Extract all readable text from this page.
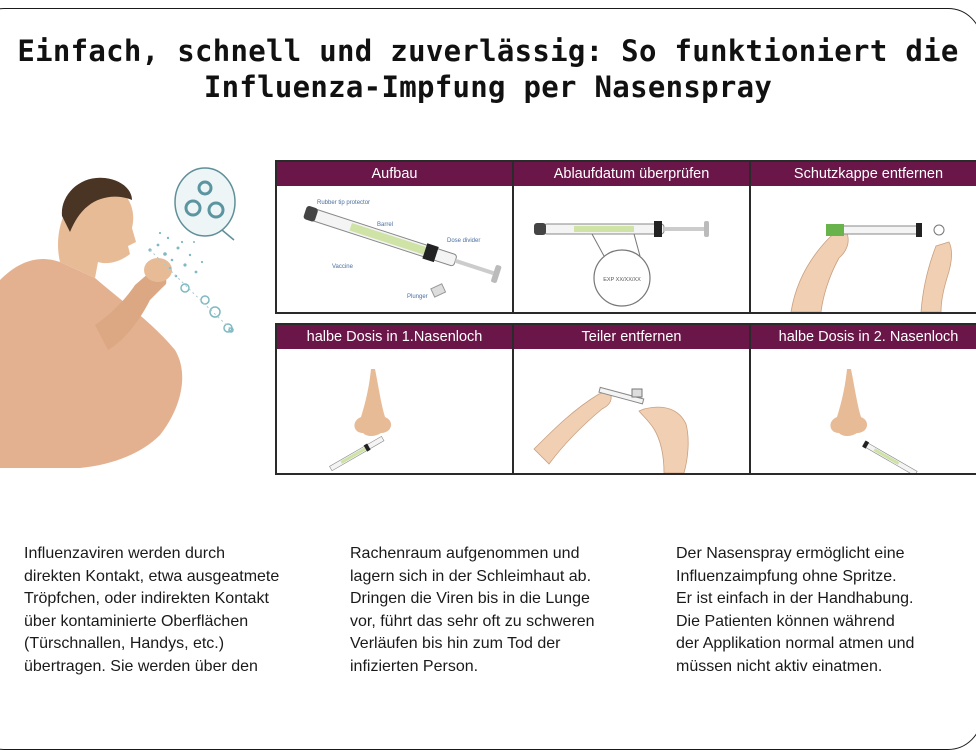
Einfach, schnell und zuverlässig: So funktioniert die
Influenza-Impfung per Nasenspray
Aufbau
Rubber tip protector
Barrel
Vaccine
Dose divider
Plunger
Ablaufdatum überprüfen
EXP XX/XX/XX
Schutzkappe entfernen
halbe Dosis in 1.Nasenloch	Teiler entfernen	halbe Dosis in 2. Nasenloch

Influenzaviren werden durch
direkten Kontakt, etwa ausgeatmete
Tröpfchen, oder indirekten Kontakt
über kontaminierte Oberflächen
(Türschnallen, Handys, etc.)
übertragen. Sie werden über den

Rachenraum aufgenommen und
lagern sich in der Schleimhaut ab.
Dringen die Viren bis in die Lunge
vor, führt das sehr oft zu schweren
Verläufen bis hin zum Tod der
infizierten Person.

Der Nasenspray ermöglicht eine
Influenzaimpfung ohne Spritze.
Er ist einfach in der Handhabung.
Die Patienten können während
der Applikation normal atmen und
müssen nicht aktiv einatmen.
